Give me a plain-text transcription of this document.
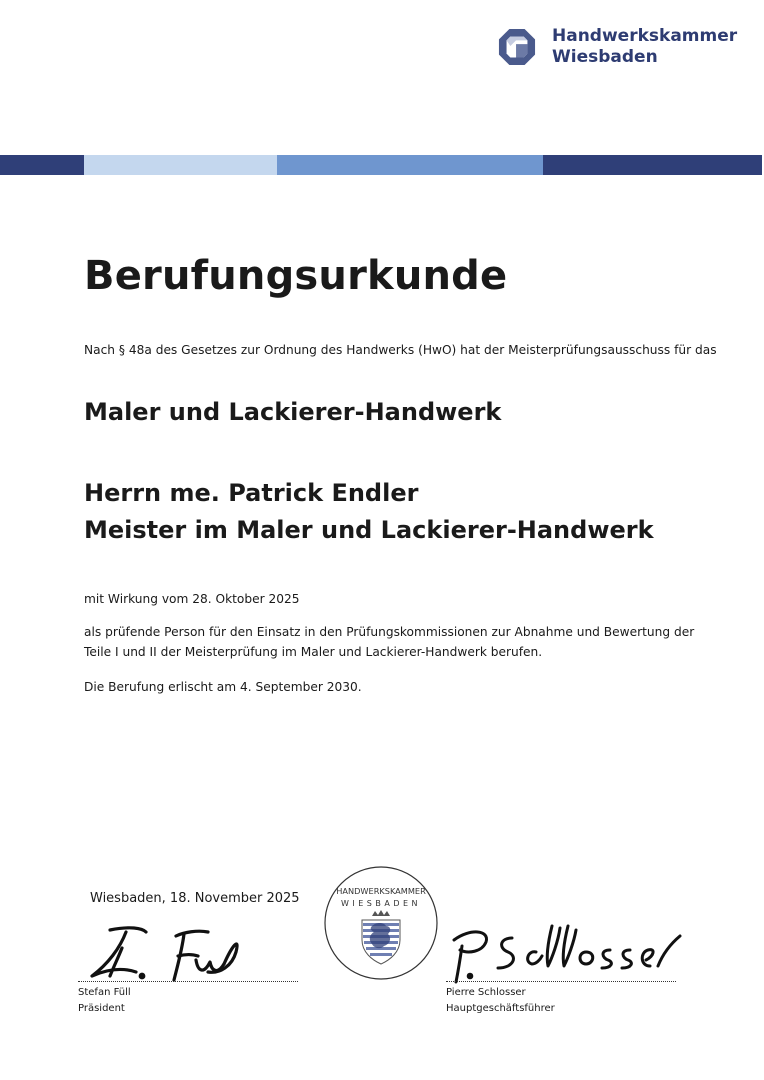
Handwerkskammer
Wiesbaden
Berufungsurkunde
Nach § 48a des Gesetzes zur Ordnung des Handwerks (HwO) hat der Meisterprüfungsausschuss für das
Maler und Lackierer-Handwerk
Herrn me. Patrick Endler
Meister im Maler und Lackierer-Handwerk
mit Wirkung vom 28. Oktober 2025
als prüfende Person für den Einsatz in den Prüfungskommissionen zur Abnahme und Bewertung der
Teile I und II der Meisterprüfung im Maler und Lackierer-Handwerk berufen.
Die Berufung erlischt am 4. September 2030.
Wiesbaden, 18. November 2025	HANDWERKSKAMMER
WIESBADEN
Stefan Füll
Präsident
Pierre Schlosser
Hauptgeschäftsführer
